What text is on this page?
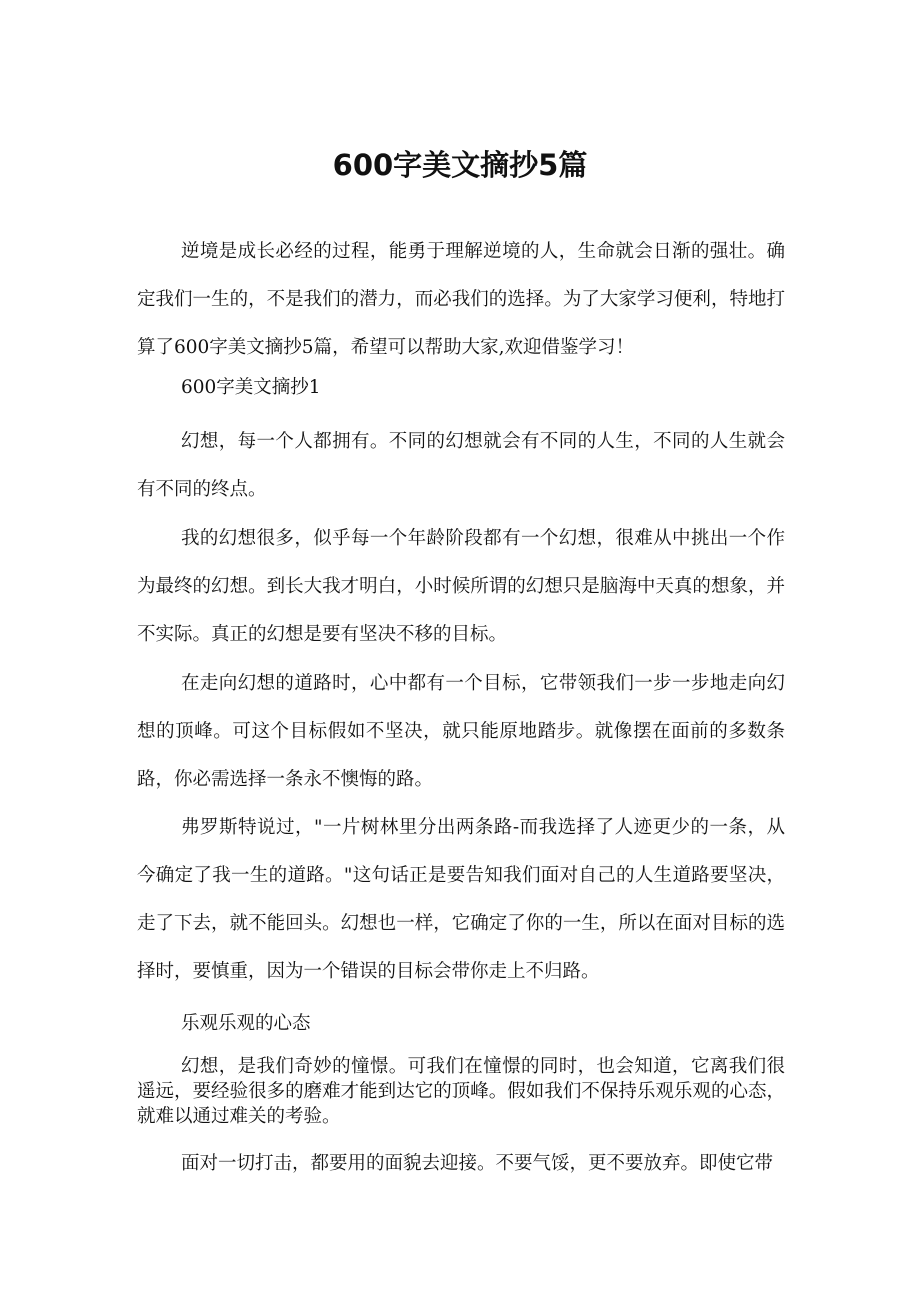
600字美文摘抄5篇

逆境是成长必经的过程，能勇于理解逆境的人，生命就会日渐的强壮。确定我们一生的，不是我们的潜力，而必我们的选择。为了大家学习便利，特地打算了600字美文摘抄5篇，希望可以帮助大家,欢迎借鉴学习！

600字美文摘抄1

幻想，每一个人都拥有。不同的幻想就会有不同的人生，不同的人生就会有不同的终点。

我的幻想很多，似乎每一个年龄阶段都有一个幻想，很难从中挑出一个作为最终的幻想。到长大我才明白，小时候所谓的幻想只是脑海中天真的想象，并不实际。真正的幻想是要有坚决不移的目标。

在走向幻想的道路时，心中都有一个目标，它带领我们一步一步地走向幻想的顶峰。可这个目标假如不坚决，就只能原地踏步。就像摆在面前的多数条路，你必需选择一条永不懊悔的路。

弗罗斯特说过，"一片树林里分出两条路-而我选择了人迹更少的一条，从今确定了我一生的道路。"这句话正是要告知我们面对自己的人生道路要坚决，走了下去，就不能回头。幻想也一样，它确定了你的一生，所以在面对目标的选择时，要慎重，因为一个错误的目标会带你走上不归路。

乐观乐观的心态

幻想，是我们奇妙的憧憬。可我们在憧憬的同时，也会知道，它离我们很遥远，要经验很多的磨难才能到达它的顶峰。假如我们不保持乐观乐观的心态，就难以通过难关的考验。

面对一切打击，都要用的面貌去迎接。不要气馁，更不要放弃。即使它带
